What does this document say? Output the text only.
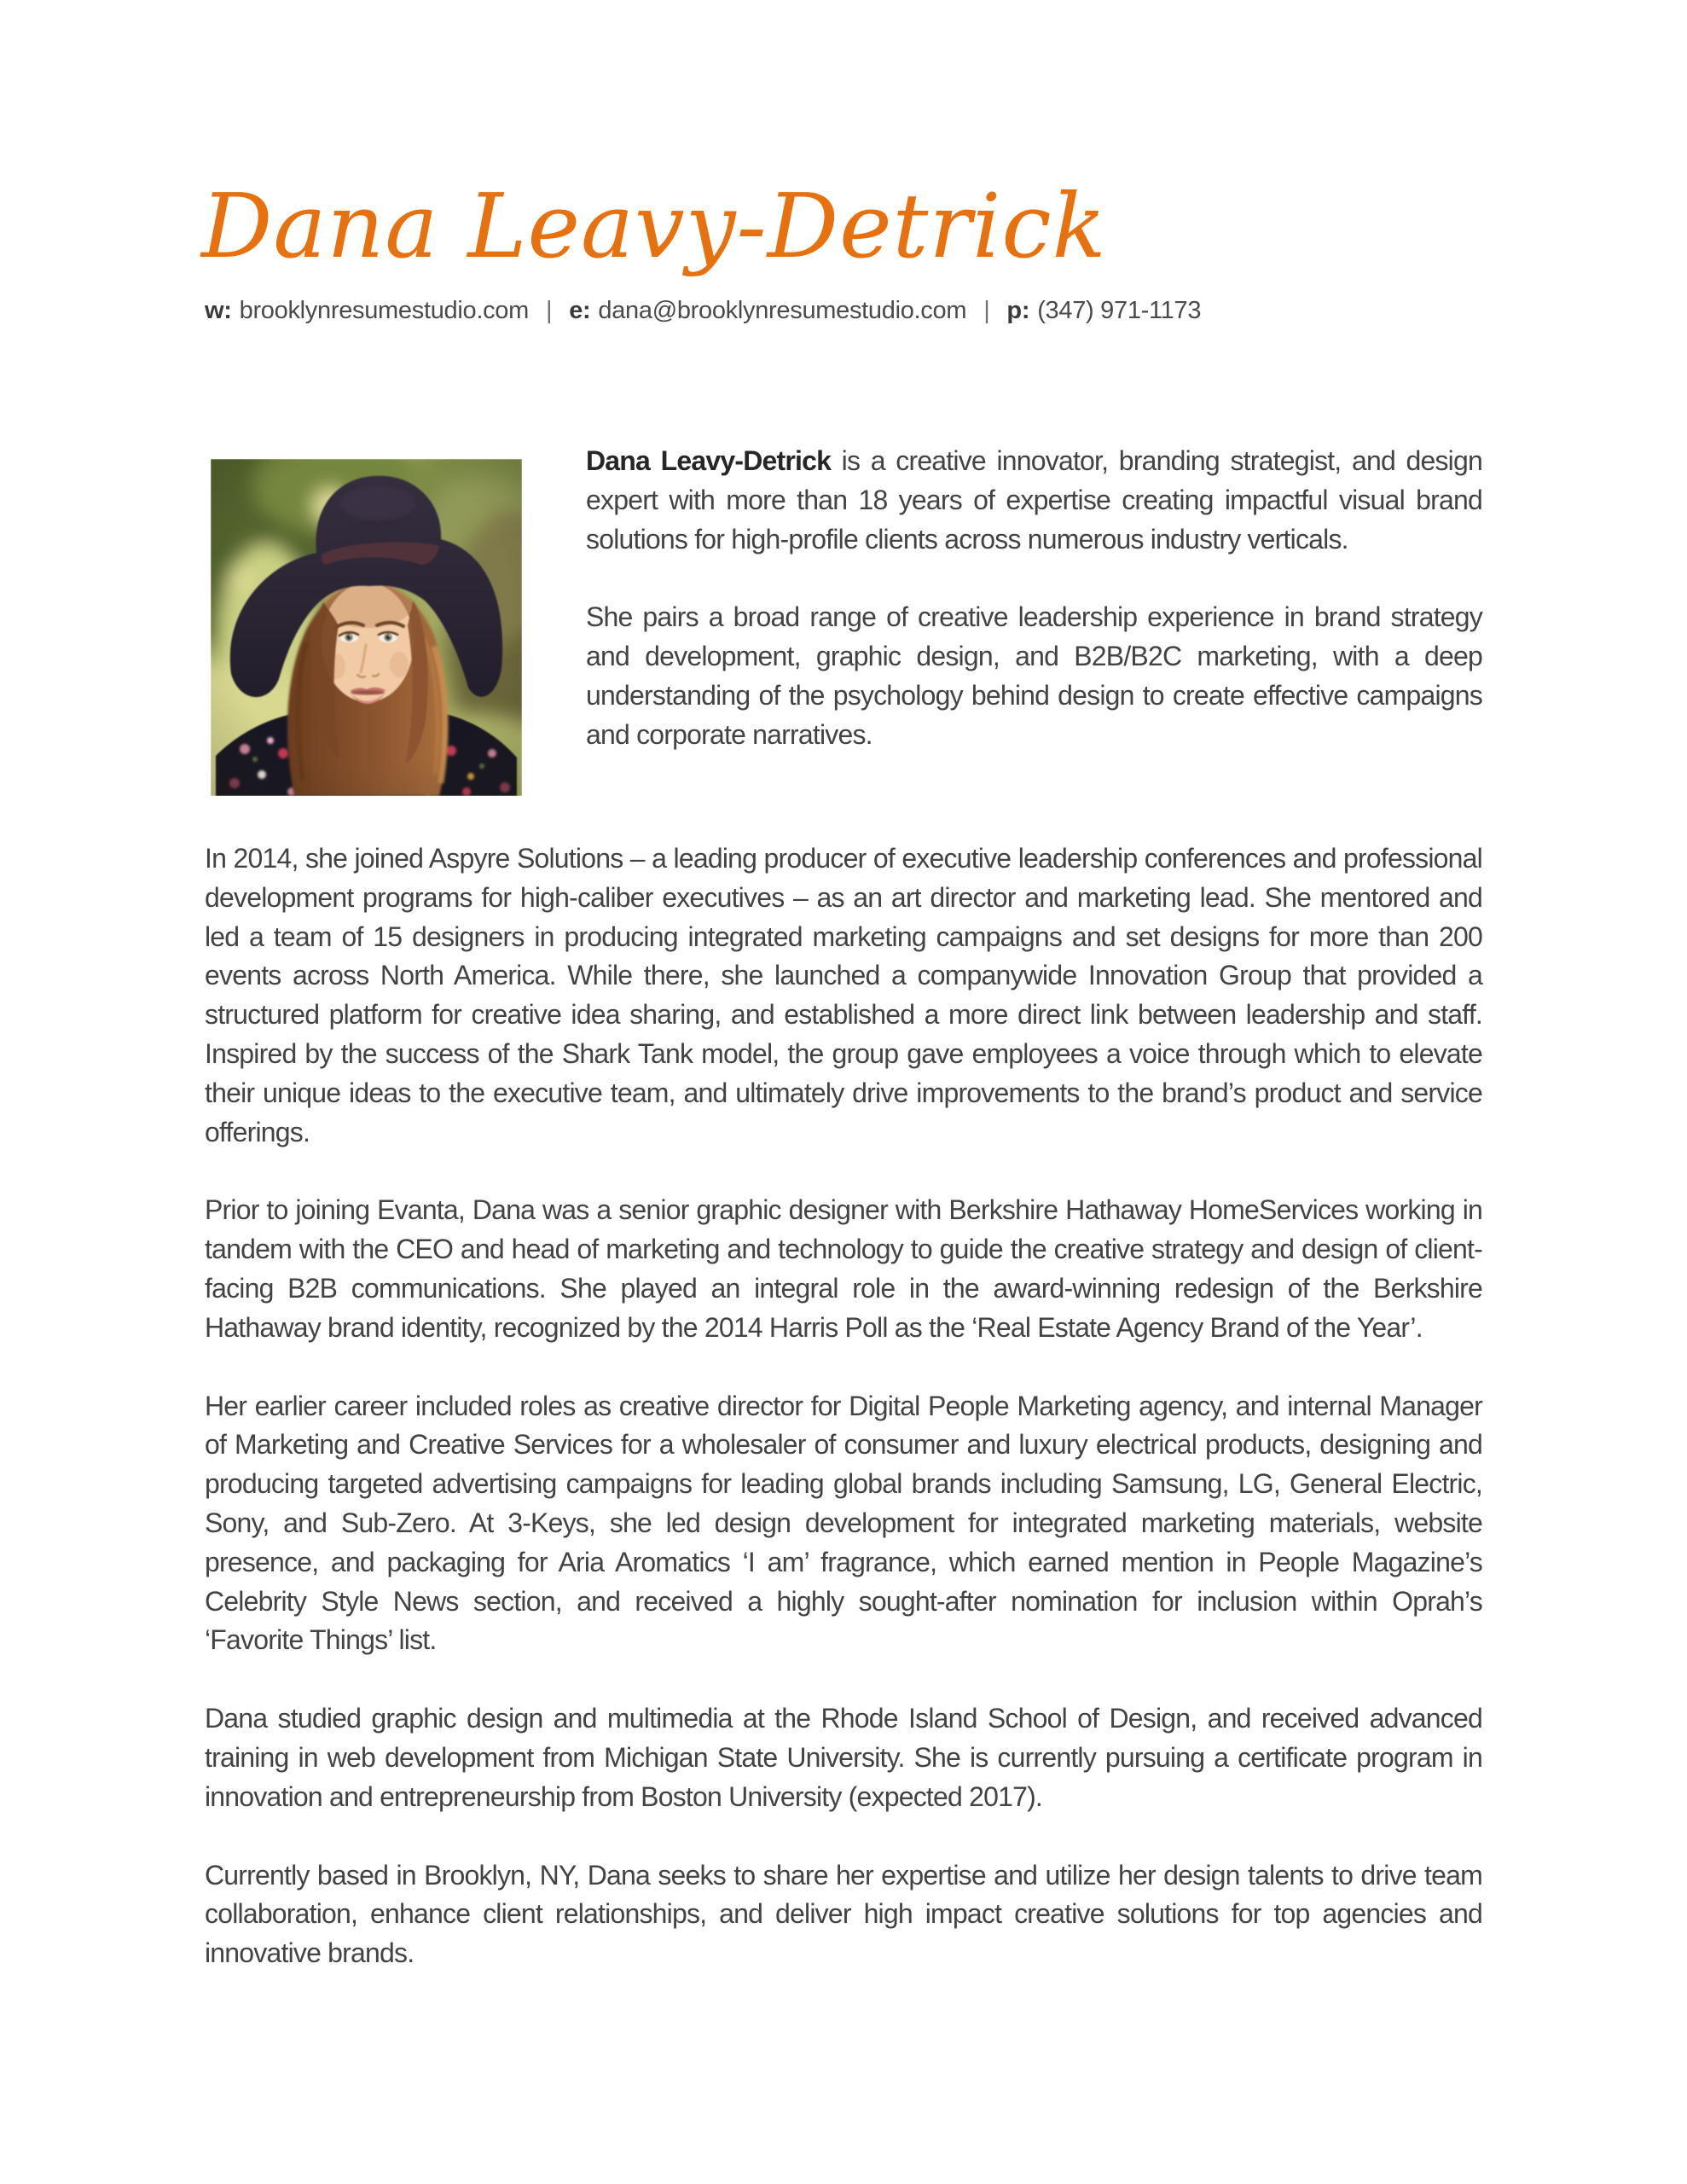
Dana Leavy-Detrick
w: brooklynresumestudio.com | e: dana@brooklynresumestudio.com | p: (347) 971-1173

Dana Leavy-Detrick is a creative innovator, branding strategist, and design expert with more than 18 years of expertise creating impactful visual brand solutions for high-profile clients across numerous industry verticals.

She pairs a broad range of creative leadership experience in brand strategy and development, graphic design, and B2B/B2C marketing, with a deep understanding of the psychology behind design to create effective campaigns and corporate narratives.

In 2014, she joined Aspyre Solutions – a leading producer of executive leadership conferences and professional development programs for high-caliber executives – as an art director and marketing lead. She mentored and led a team of 15 designers in producing integrated marketing campaigns and set designs for more than 200 events across North America. While there, she launched a companywide Innovation Group that provided a structured platform for creative idea sharing, and established a more direct link between leadership and staff. Inspired by the success of the Shark Tank model, the group gave employees a voice through which to elevate their unique ideas to the executive team, and ultimately drive improvements to the brand’s product and service offerings.

Prior to joining Evanta, Dana was a senior graphic designer with Berkshire Hathaway HomeServices working in tandem with the CEO and head of marketing and technology to guide the creative strategy and design of client-facing B2B communications. She played an integral role in the award-winning redesign of the Berkshire Hathaway brand identity, recognized by the 2014 Harris Poll as the ‘Real Estate Agency Brand of the Year’.

Her earlier career included roles as creative director for Digital People Marketing agency, and internal Manager of Marketing and Creative Services for a wholesaler of consumer and luxury electrical products, designing and producing targeted advertising campaigns for leading global brands including Samsung, LG, General Electric, Sony, and Sub-Zero. At 3-Keys, she led design development for integrated marketing materials, website presence, and packaging for Aria Aromatics ‘I am’ fragrance, which earned mention in People Magazine’s Celebrity Style News section, and received a highly sought-after nomination for inclusion within Oprah’s ‘Favorite Things’ list.

Dana studied graphic design and multimedia at the Rhode Island School of Design, and received advanced training in web development from Michigan State University. She is currently pursuing a certificate program in innovation and entrepreneurship from Boston University (expected 2017).

Currently based in Brooklyn, NY, Dana seeks to share her expertise and utilize her design talents to drive team collaboration, enhance client relationships, and deliver high impact creative solutions for top agencies and innovative brands.
